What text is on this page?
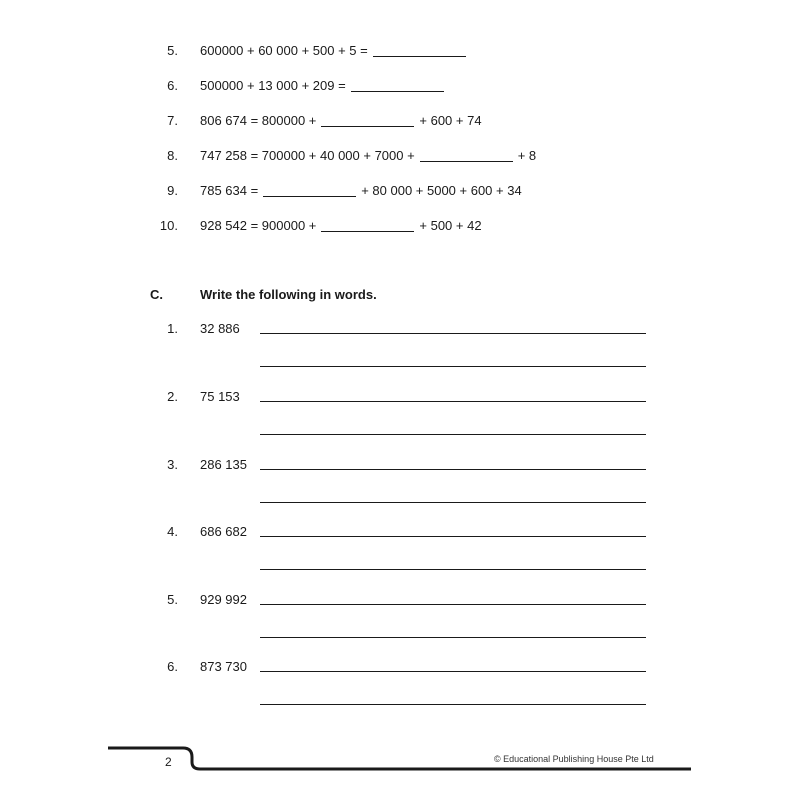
5. 600000 + 60 000 + 500 + 5 =
6. 500000 + 13 000 + 209 =
7. 806 674 = 800000 +	+ 600 + 74
8. 747 258 = 700000 + 40 000 + 7000 +	+ 8
9. 785 634 =	+ 80 000 + 5000 + 600 + 34
10. 928 542 = 900000 +	+ 500 + 42
C.	Write the following in words.
1. 32 886
2. 75 153
3. 286 135
4. 686 682
5. 929 992
6. 873 730
2	© Educational Publishing House Pte Ltd
